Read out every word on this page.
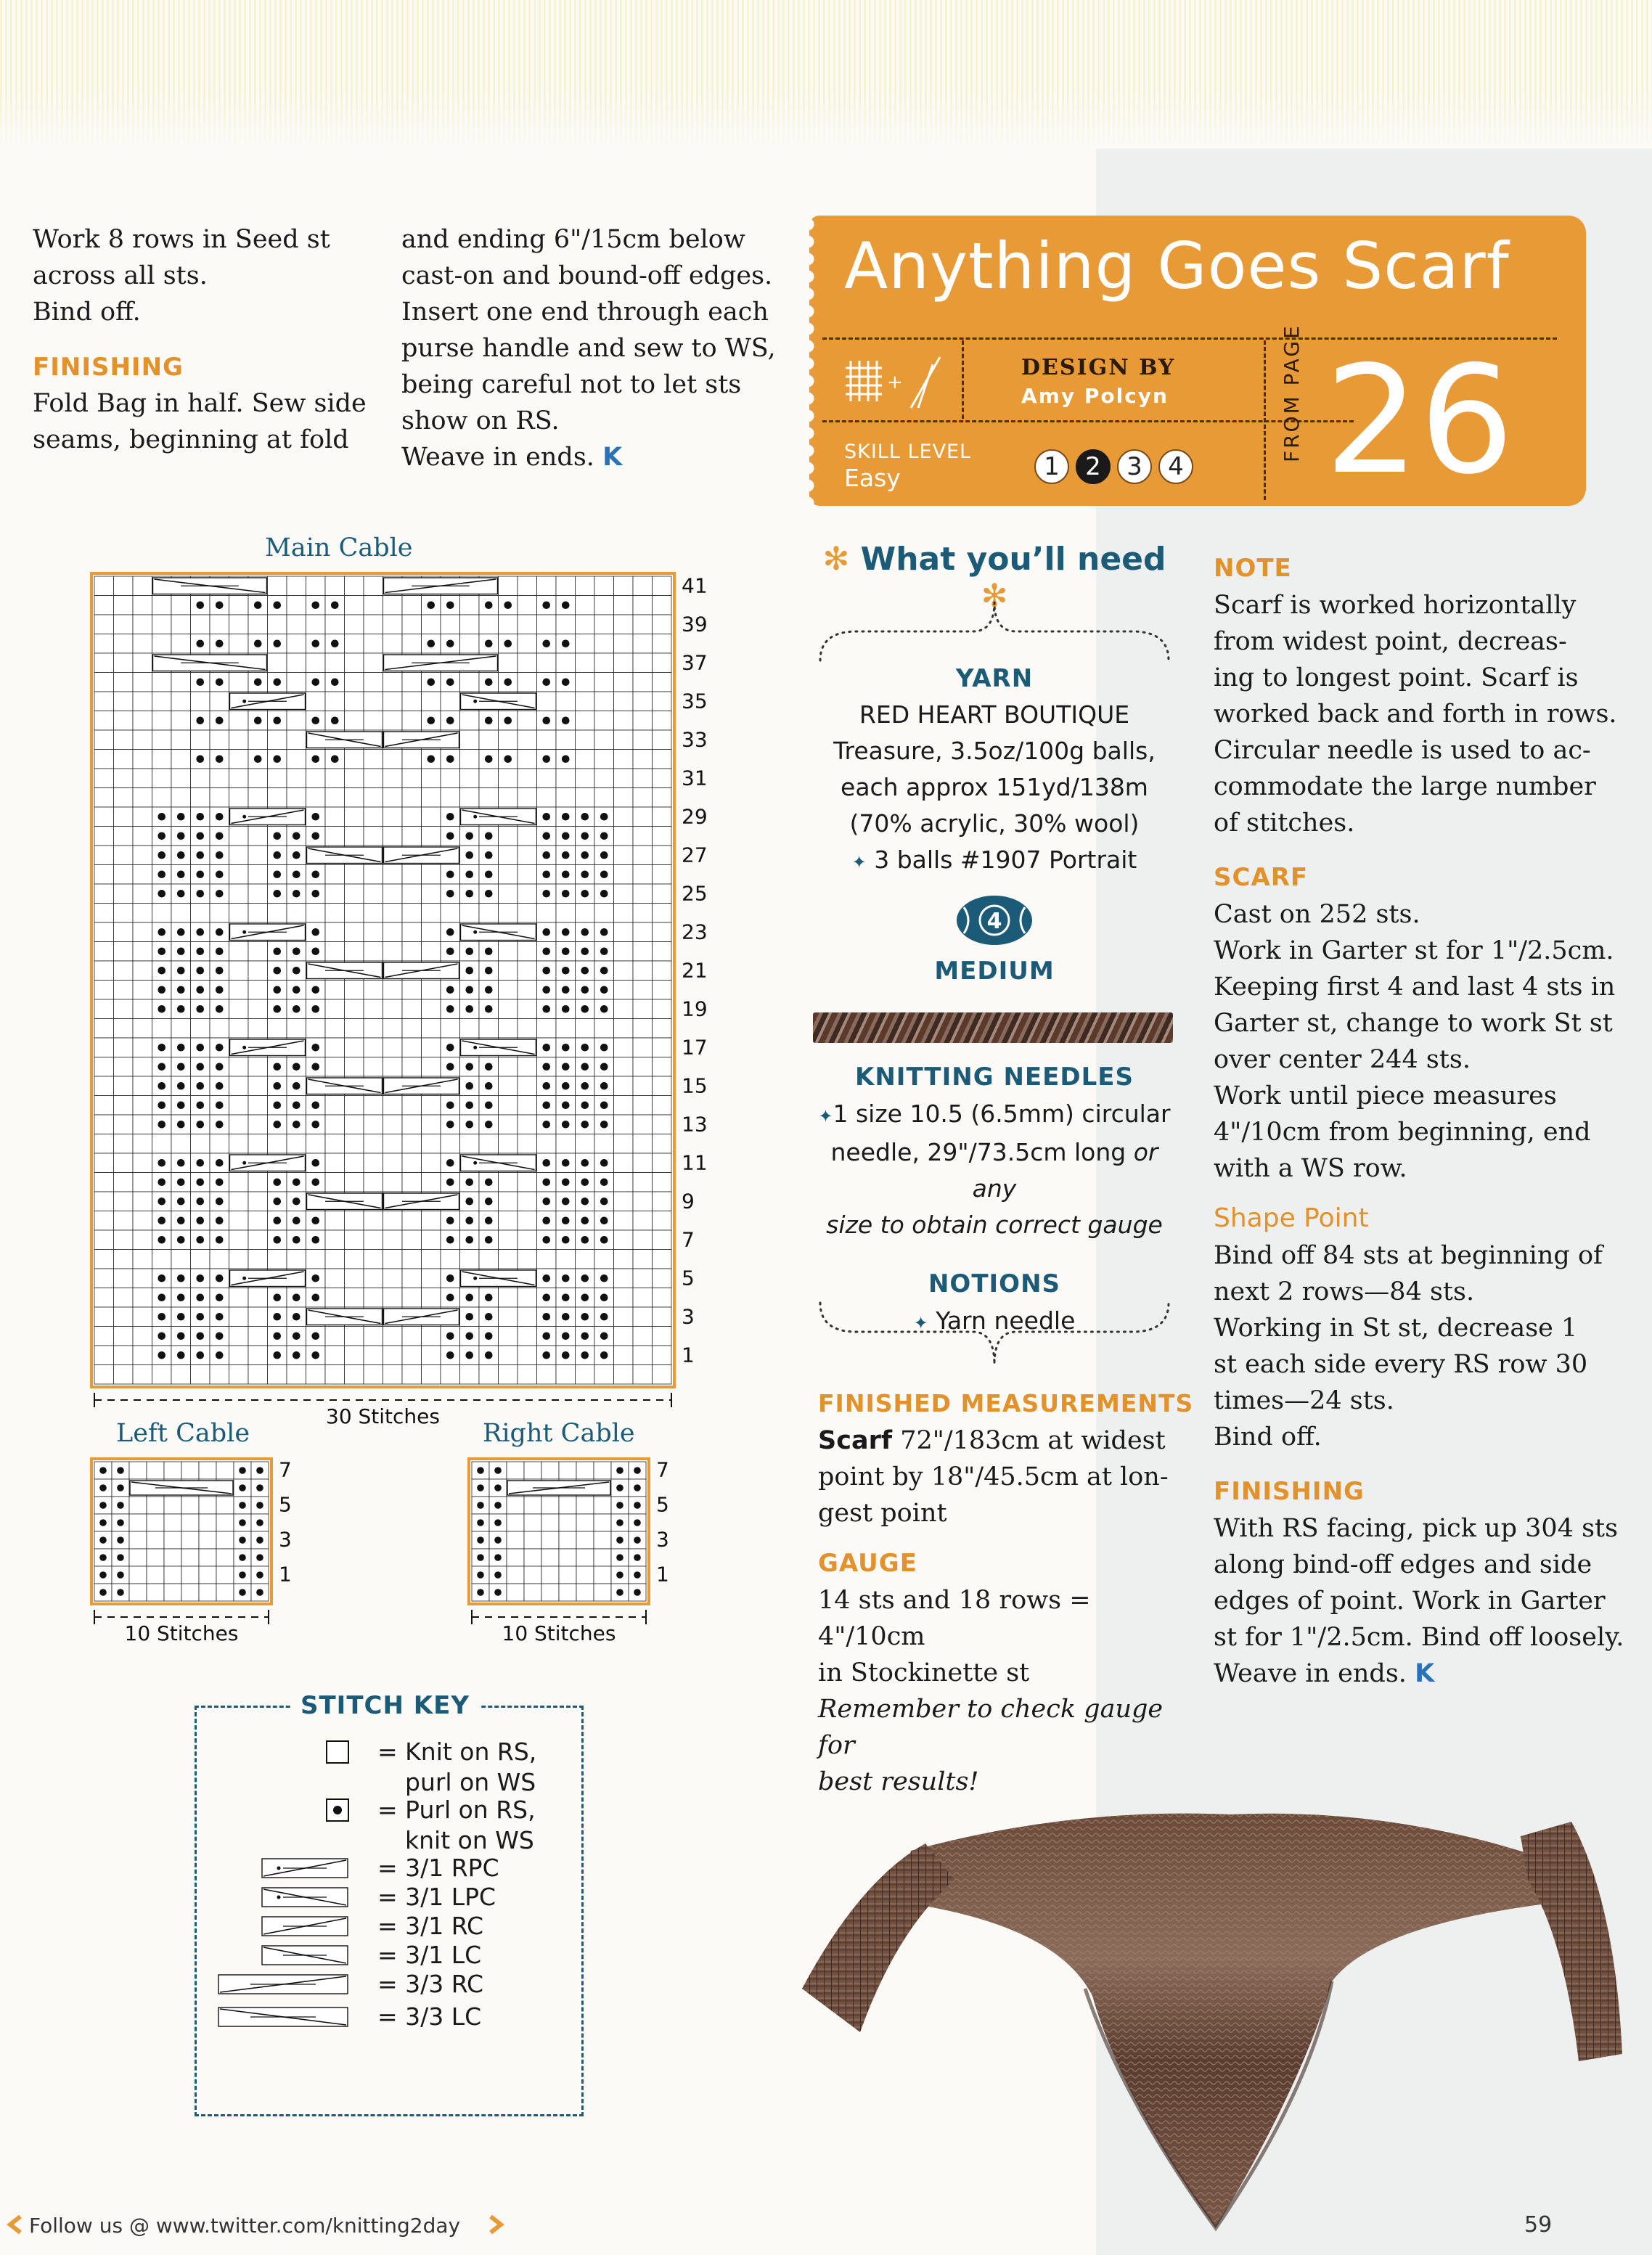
Work 8 rows in Seed st

across all sts.

Bind off.

FINISHING

Fold Bag in half. Sew side

seams, beginning at fold

and ending 6"/15cm below

cast-on and bound-off edges.

Insert one end through each

purse handle and sew to WS,

being careful not to let sts

show on RS.

Weave in ends. K

Anything Goes Scarf
+
DESIGN BY
Amy Polcyn
SKILL LEVEL
Easy	1	2	3	4
FROM PAGE 26
Main Cable
41
39
37
35
33
31
29
27
25
23
21
19
17
15
13
11
9
7
5
3
1
30 Stitches
Left Cable	Right Cable
7
5
3
1
10 Stitches
7
5
3
1
10 Stitches
STITCH KEY
= Knit on RS,
purl on WS
= Purl on RS,
knit on WS
= 3/1 RPC
= 3/1 LPC
= 3/1 RC
= 3/1 LC
= 3/3 RC
= 3/3 LC
✻ What you’ll need ✻

YARN

RED HEART BOUTIQUE

Treasure, 3.5oz/100g balls,

each approx 151yd/138m

(70% acrylic, 30% wool)

✦ 3 balls #1907 Portrait

4
MEDIUM

KNITTING NEEDLES

✦1 size 10.5 (6.5mm) circular

needle, 29"/73.5cm long or any

size to obtain correct gauge

NOTIONS

✦ Yarn needle

FINISHED MEASUREMENTS

Scarf 72"/183cm at widest

point by 18"/45.5cm at lon-

gest point

GAUGE

14 sts and 18 rows = 4"/10cm

in Stockinette st

Remember to check gauge for

best results!

NOTE

Scarf is worked horizontally

from widest point, decreas-

ing to longest point. Scarf is

worked back and forth in rows.

Circular needle is used to ac-

commodate the large number

of stitches.

SCARF

Cast on 252 sts.

Work in Garter st for 1"/2.5cm.

Keeping first 4 and last 4 sts in

Garter st, change to work St st

over center 244 sts.

Work until piece measures

4"/10cm from beginning, end

with a WS row.

Shape Point

Bind off 84 sts at beginning of

next 2 rows—84 sts.

Working in St st, decrease 1

st each side every RS row 30

times—24 sts.

Bind off.

FINISHING

With RS facing, pick up 304 sts

along bind-off edges and side

edges of point. Work in Garter

st for 1"/2.5cm. Bind off loosely.

Weave in ends. K

Follow us @ www.twitter.com/knitting2day	59
